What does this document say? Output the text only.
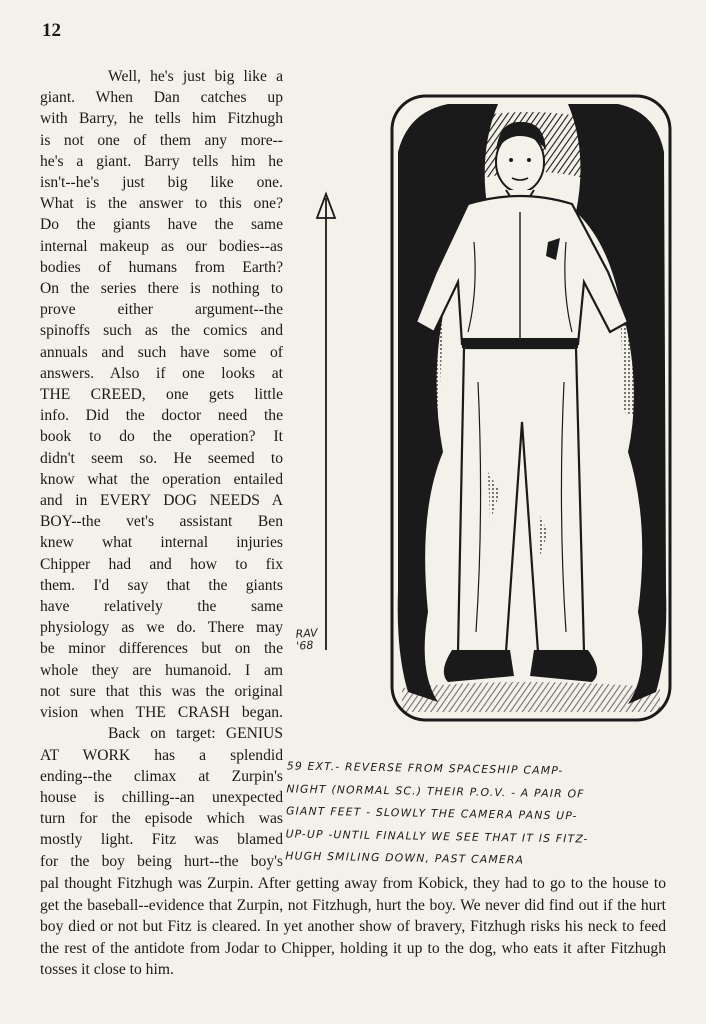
12

Well, he's just big like a

giant. When Dan catches up

with Barry, he tells him Fitzhugh

is not one of them any more--

he's a giant. Barry tells him he

isn't--he's just big like one.

What is the answer to this one?

Do the giants have the same

internal makeup as our bodies--as

bodies of humans from Earth?

On the series there is nothing to

prove either argument--the

spinoffs such as the comics and

annuals and such have some of

answers. Also if one looks at

THE CREED, one gets little

info. Did the doctor need the

book to do the operation? It

didn't seem so. He seemed to

know what the operation entailed

and in EVERY DOG NEEDS A

BOY--the vet's assistant Ben

knew what internal injuries

Chipper had and how to fix

them. I'd say that the giants

have relatively the same

physiology as we do. There may

be minor differences but on the

whole they are humanoid. I am

not sure that this was the original

vision when THE CRASH began.

Back on target: GENIUS

AT WORK has a splendid

ending--the climax at Zurpin's

house is chilling--an unexpected

turn for the episode which was

mostly light. Fitz was blamed

for the boy being hurt--the boy's

RAV
'68
59 EXT.- REVERSE FROM SPACESHIP CAMP-
NIGHT (NORMAL SC.) THEIR P.O.V. - A PAIR OF
GIANT FEET - SLOWLY THE CAMERA PANS UP-
UP-UP -UNTIL FINALLY WE SEE THAT IT IS FITZ-
HUGH SMILING DOWN, PAST CAMERA
pal thought Fitzhugh was Zurpin. After getting away from Kobick, they had to go to the house to get the baseball--evidence that Zurpin, not Fitzhugh, hurt the boy. We never did find out if the hurt boy died or not but Fitz is cleared. In yet another show of bravery, Fitzhugh risks his neck to feed the rest of the antidote from Jodar to Chipper, holding it up to the dog, who eats it after Fitzhugh tosses it close to him.
